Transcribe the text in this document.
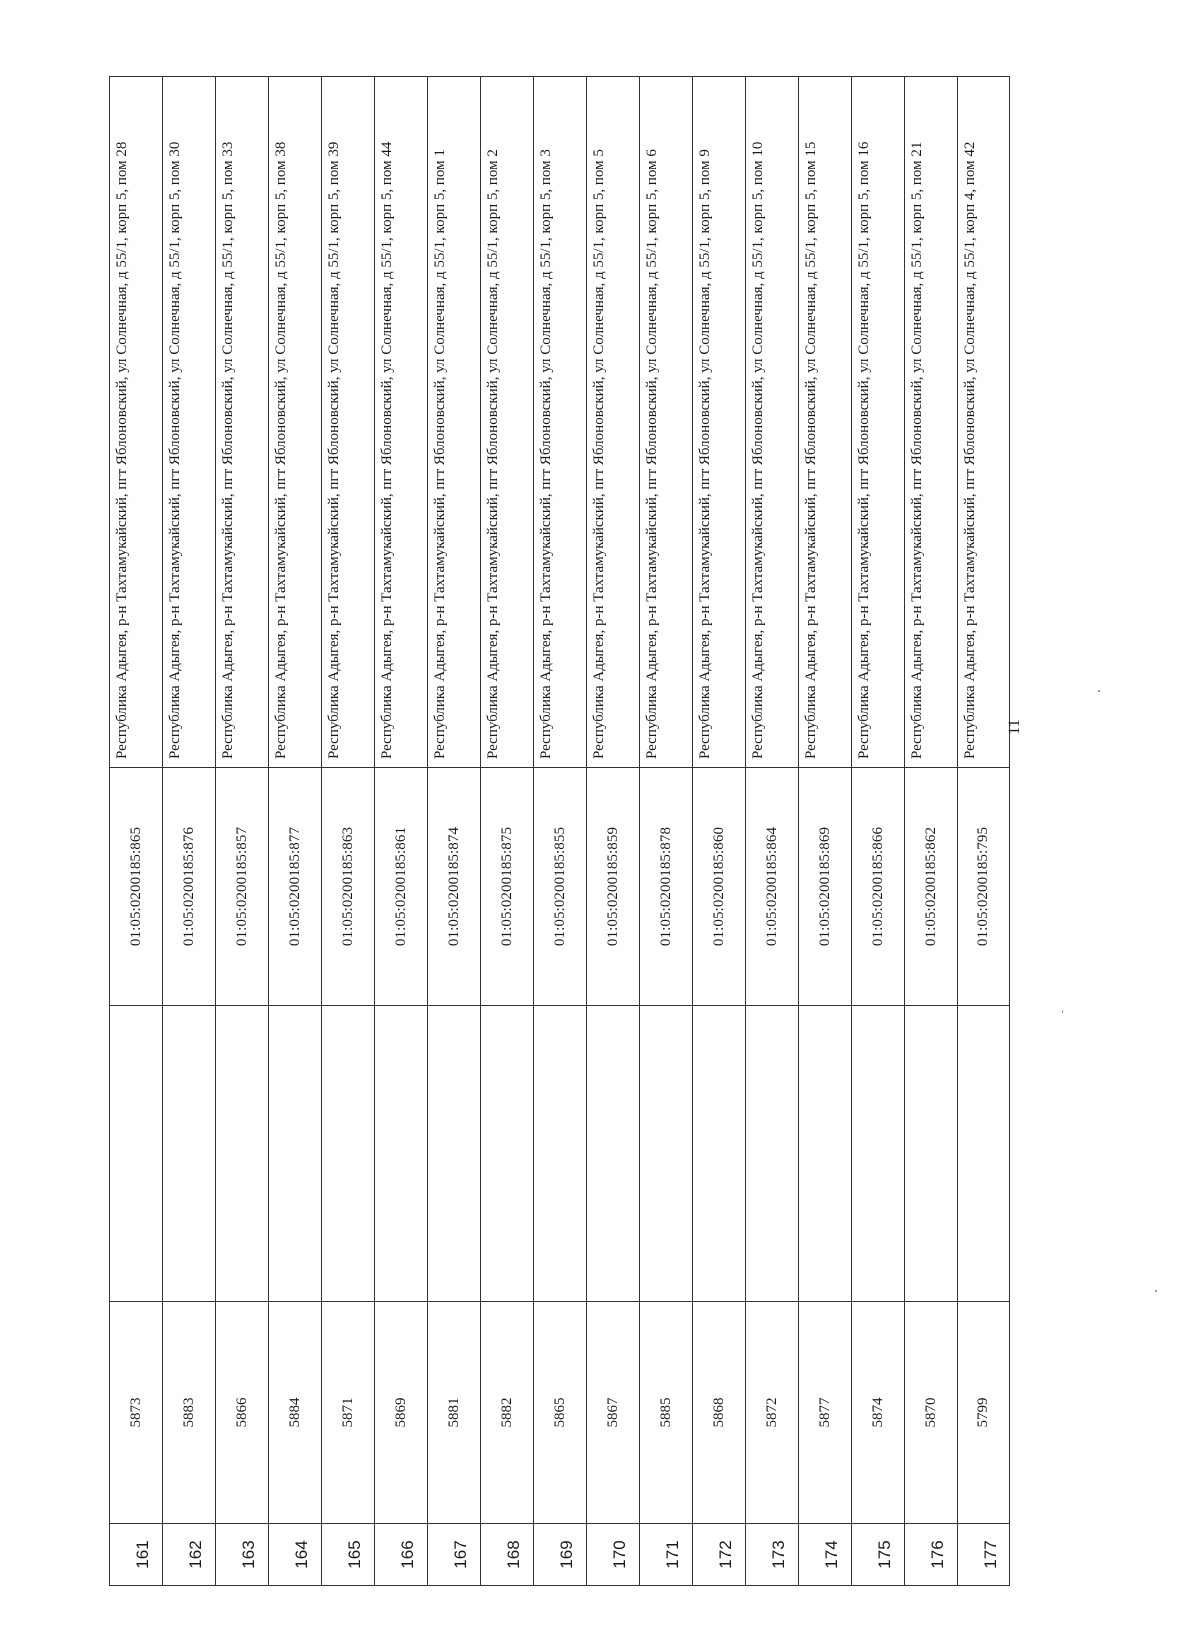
161
5873
01:05:0200185:865
Республика Адыгея, р-н Тахтамукайский, пгт Яблоновский, ул Солнечная, д 55/1, корп 5, пом 28
162
5883
01:05:0200185:876
Республика Адыгея, р-н Тахтамукайский, пгт Яблоновский, ул Солнечная, д 55/1, корп 5, пом 30
163
5866
01:05:0200185:857
Республика Адыгея, р-н Тахтамукайский, пгт Яблоновский, ул Солнечная, д 55/1, корп 5, пом 33
164
5884
01:05:0200185:877
Республика Адыгея, р-н Тахтамукайский, пгт Яблоновский, ул Солнечная, д 55/1, корп 5, пом 38
165
5871
01:05:0200185:863
Республика Адыгея, р-н Тахтамукайский, пгт Яблоновский, ул Солнечная, д 55/1, корп 5, пом 39
166
5869
01:05:0200185:861
Республика Адыгея, р-н Тахтамукайский, пгт Яблоновский, ул Солнечная, д 55/1, корп 5, пом 44
167
5881
01:05:0200185:874
Республика Адыгея, р-н Тахтамукайский, пгт Яблоновский, ул Солнечная, д 55/1, корп 5, пом 1
168
5882
01:05:0200185:875
Республика Адыгея, р-н Тахтамукайский, пгт Яблоновский, ул Солнечная, д 55/1, корп 5, пом 2
169
5865
01:05:0200185:855
Республика Адыгея, р-н Тахтамукайский, пгт Яблоновский, ул Солнечная, д 55/1, корп 5, пом 3
170
5867
01:05:0200185:859
Республика Адыгея, р-н Тахтамукайский, пгт Яблоновский, ул Солнечная, д 55/1, корп 5, пом 5
171
5885
01:05:0200185:878
Республика Адыгея, р-н Тахтамукайский, пгт Яблоновский, ул Солнечная, д 55/1, корп 5, пом 6
172
5868
01:05:0200185:860
Республика Адыгея, р-н Тахтамукайский, пгт Яблоновский, ул Солнечная, д 55/1, корп 5, пом 9
173
5872
01:05:0200185:864
Республика Адыгея, р-н Тахтамукайский, пгт Яблоновский, ул Солнечная, д 55/1, корп 5, пом 10
174
5877
01:05:0200185:869
Республика Адыгея, р-н Тахтамукайский, пгт Яблоновский, ул Солнечная, д 55/1, корп 5, пом 15
175
5874
01:05:0200185:866
Республика Адыгея, р-н Тахтамукайский, пгт Яблоновский, ул Солнечная, д 55/1, корп 5, пом 16
176
5870
01:05:0200185:862
Республика Адыгея, р-н Тахтамукайский, пгт Яблоновский, ул Солнечная, д 55/1, корп 5, пом 21
177
5799
01:05:0200185:795
Республика Адыгея, р-н Тахтамукайский, пгт Яблоновский, ул Солнечная, д 55/1, корп 4, пом 42 11
